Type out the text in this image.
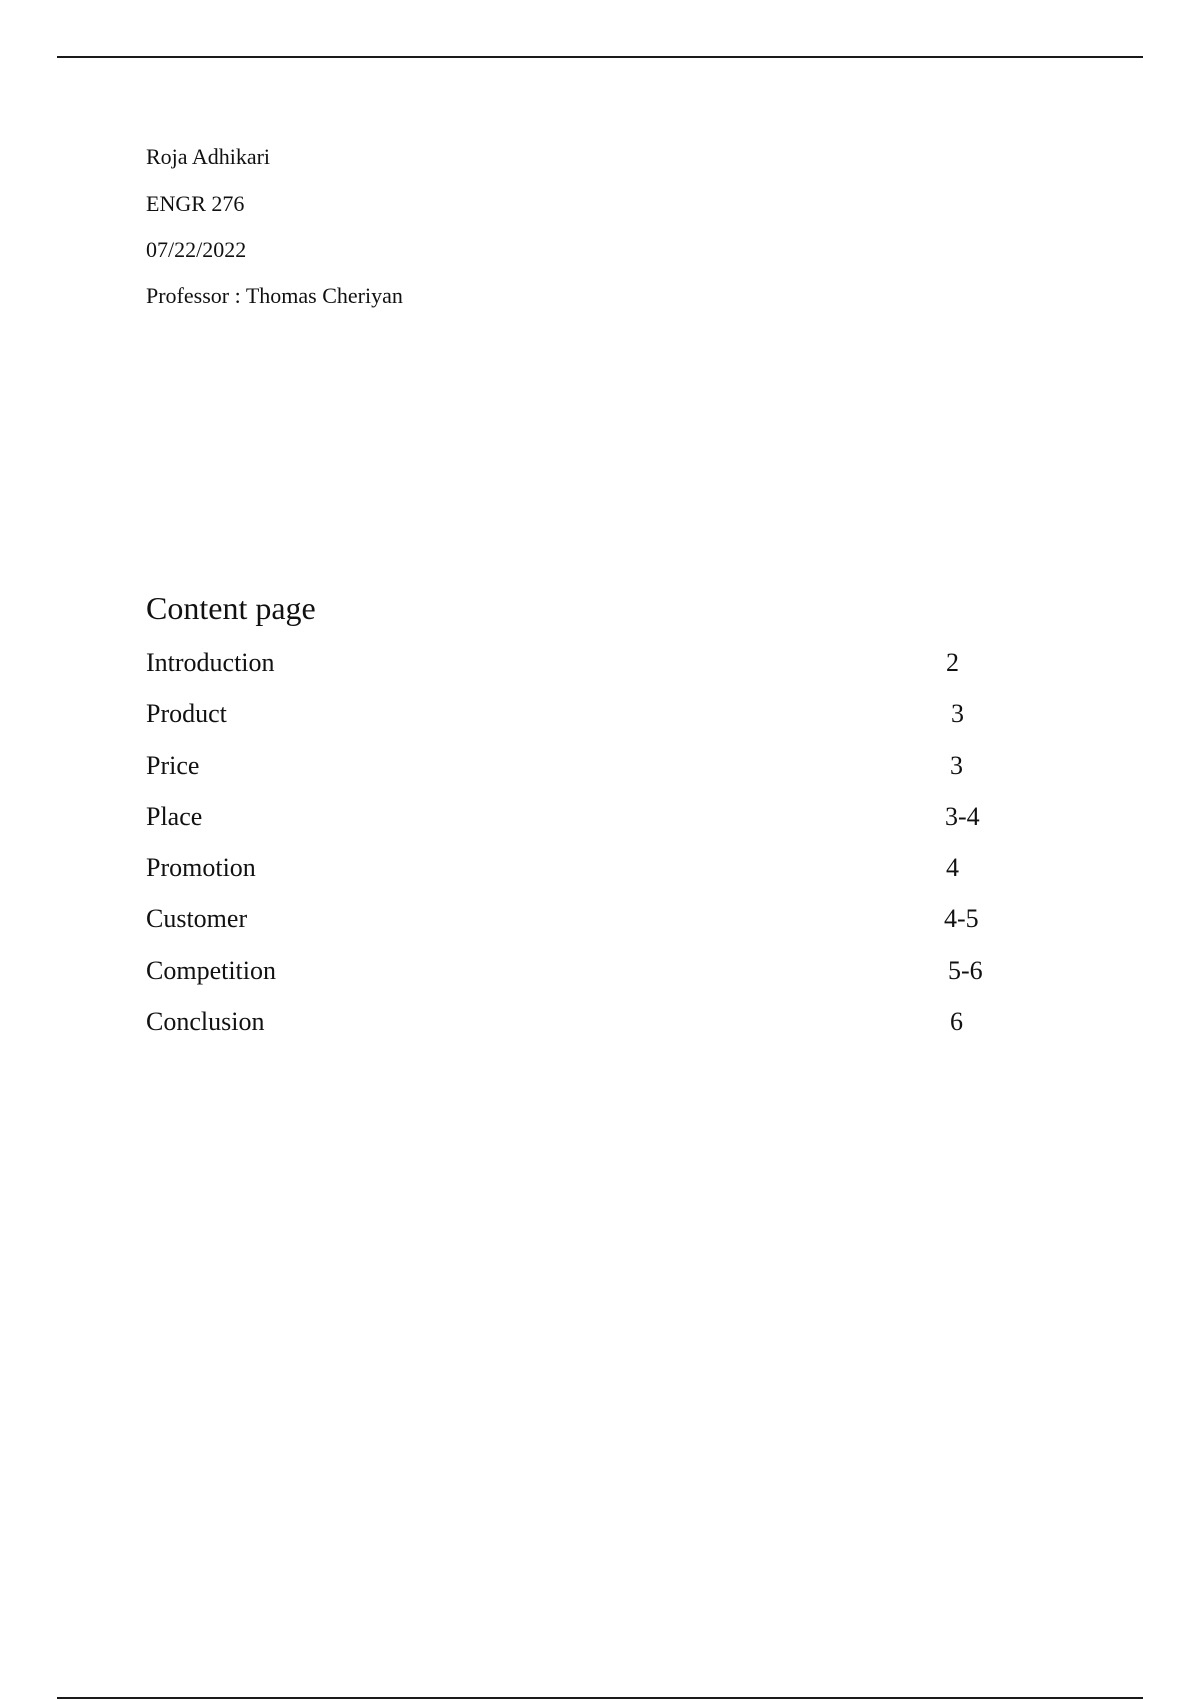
Roja Adhikari
ENGR 276
07/22/2022
Professor : Thomas Cheriyan
Content page
Introduction	2
Product	3
Price	3
Place	3-4
Promotion	4
Customer	4-5
Competition	5-6
Conclusion	6
